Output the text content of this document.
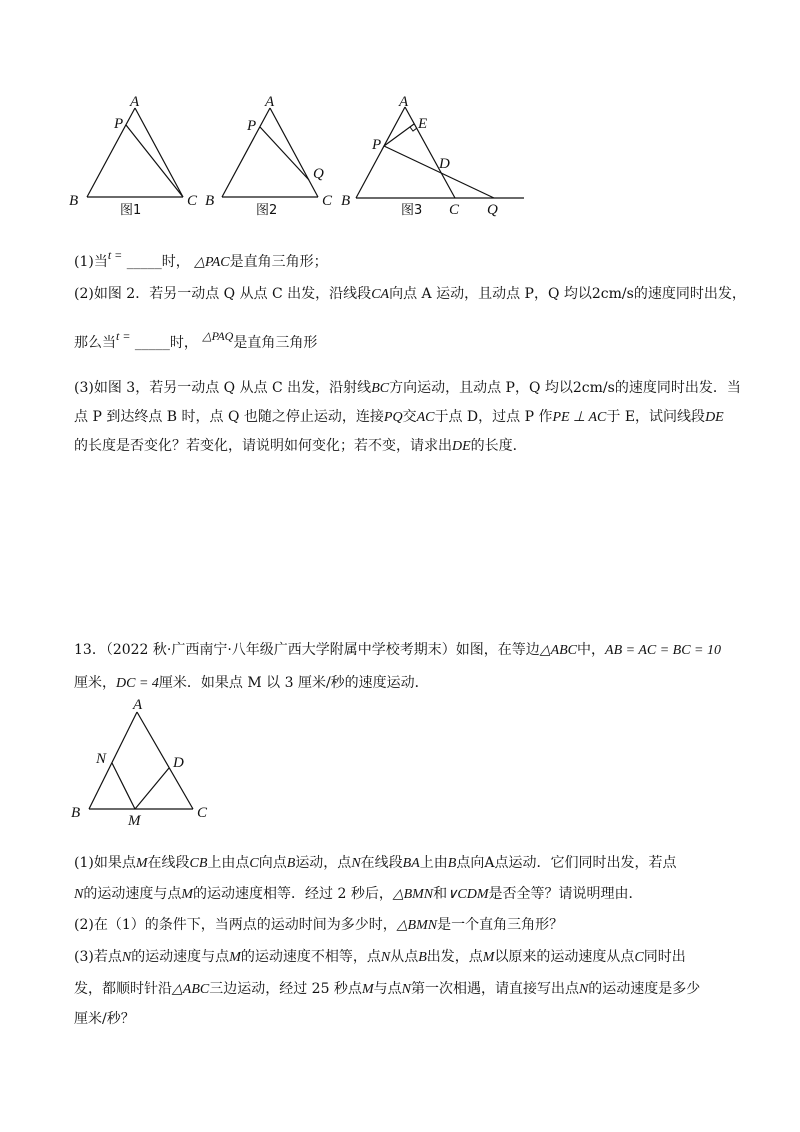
A
P
B	C
图1
A
P
Q
B	C
图2
A
E
P
D
B
C Q
图3
(1)当t = _____时， △PAC是直角三角形；
(2)如图 2．若另一动点 Q 从点 C 出发，沿线段CA向点 A 运动，且动点 P，Q 均以2cm/s的速度同时出发，
那么当t = _____时， △PAQ是直角三角形
(3)如图 3，若另一动点 Q 从点 C 出发，沿射线BC方向运动，且动点 P，Q 均以2cm/s的速度同时出发．当
点 P 到达终点 B 时，点 Q 也随之停止运动，连接PQ交AC于点 D，过点 P 作PE ⊥ AC于 E，试问线段DE
的长度是否变化？若变化，请说明如何变化；若不变，请求出DE的长度．
13．（2022 秋·广西南宁·八年级广西大学附属中学校考期末）如图，在等边△ABC中，AB = AC = BC = 10
厘米，DC = 4厘米．如果点 M 以 3 厘米/秒的速度运动．
A
N	D
B	M	C
(1)如果点M在线段CB上由点C向点B运动，点N在线段BA上由B点向A点运动．它们同时出发，若点
N的运动速度与点M的运动速度相等．经过 2 秒后，△BMN和∨CDM是否全等？请说明理由．
(2)在（1）的条件下，当两点的运动时间为多少时，△BMN是一个直角三角形？
(3)若点N的运动速度与点M的运动速度不相等，点N从点B出发，点M以原来的运动速度从点C同时出
发，都顺时针沿△ABC三边运动，经过 25 秒点M与点N第一次相遇，请直接写出点N的运动速度是多少
厘米/秒？
